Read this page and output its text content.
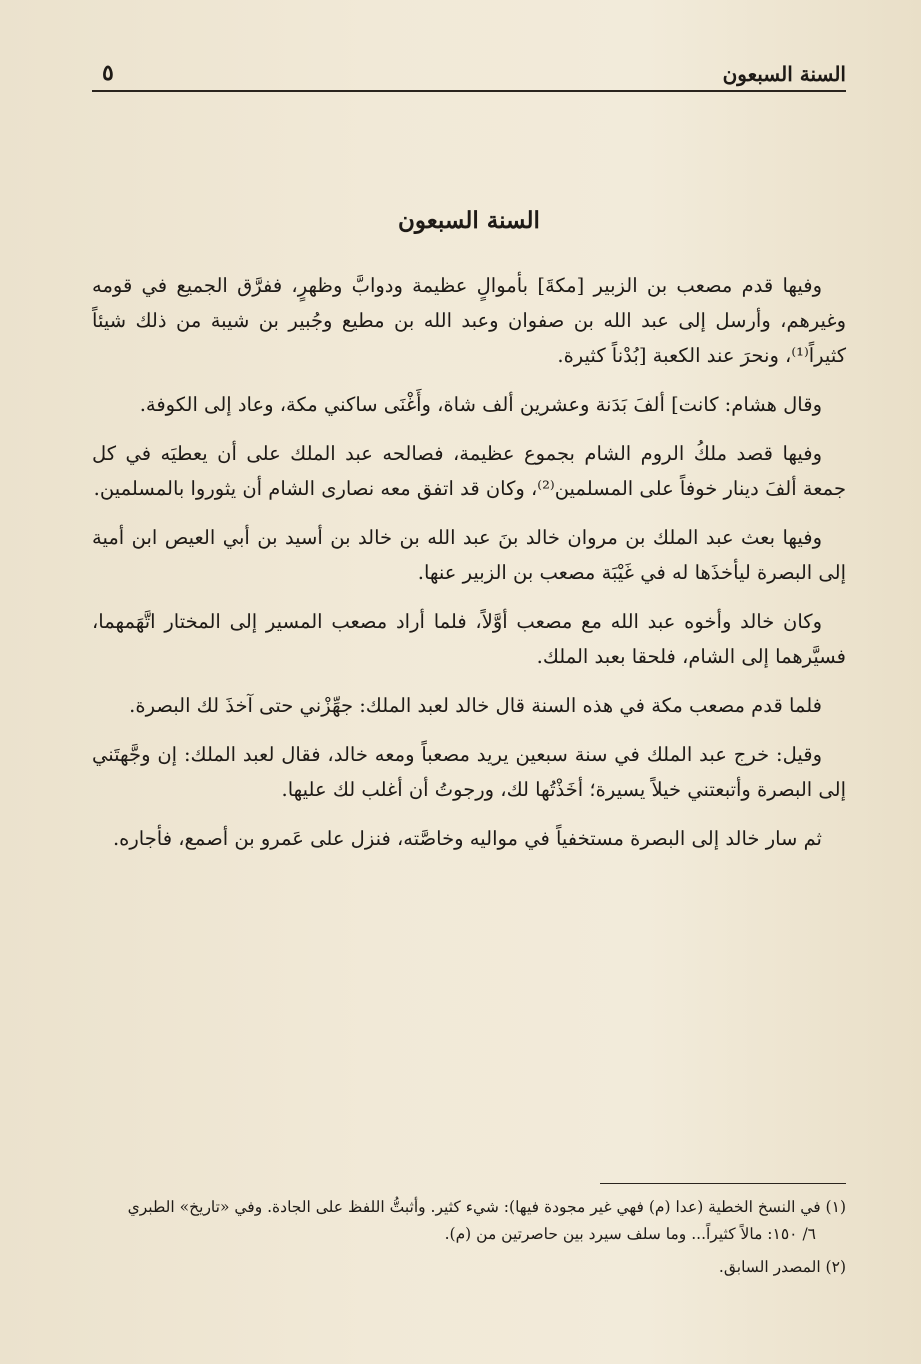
السنة السبعون
٥
السنة السبعون

وفيها قدم مصعب بن الزبير [مكةَ] بأموالٍ عظيمة ودوابَّ وظهرٍ، ففرَّق الجميع في قومه وغيرهم، وأرسل إلى عبد الله بن صفوان وعبد الله بن مطيع وجُبير بن شيبة من ذلك شيئاً كثيراً⁽¹⁾، ونحرَ عند الكعبة [بُدْناً كثيرة.

وقال هشام: كانت] ألفَ بَدَنة وعشرين ألف شاة، وأَغْنَى ساكني مكة، وعاد إلى الكوفة.

وفيها قصد ملكُ الروم الشام بجموع عظيمة، فصالحه عبد الملك على أن يعطيَه في كل جمعة ألفَ دينار خوفاً على المسلمين⁽²⁾، وكان قد اتفق معه نصارى الشام أن يثوروا بالمسلمين.

وفيها بعث عبد الملك بن مروان خالد بنَ عبد الله بن خالد بن أسيد بن أبي العيص ابن أمية إلى البصرة ليأخذَها له في غَيْبَة مصعب بن الزبير عنها.

وكان خالد وأخوه عبد الله مع مصعب أوَّلاً، فلما أراد مصعب المسير إلى المختار اتَّهَمهما، فسيَّرهما إلى الشام، فلحقا بعبد الملك.

فلما قدم مصعب مكة في هذه السنة قال خالد لعبد الملك: جهِّزْني حتى آخذَ لك البصرة.

وقيل: خرج عبد الملك في سنة سبعين يريد مصعباً ومعه خالد، فقال لعبد الملك: إن وجَّهتَني إلى البصرة وأتبعتني خيلاً يسيرة؛ أخَذْتُها لك، ورجوتُ أن أغلب لك عليها.

ثم سار خالد إلى البصرة مستخفياً في مواليه وخاصَّته، فنزل على عَمرو بن أصمع، فأجاره.

(١) في النسخ الخطية (عدا (م) فهي غير مجودة فيها): شيء كثير. وأثبتُّ اللفظ على الجادة. وفي «تاريخ» الطبري
٦/ ١٥٠: مالاً كثيراً... وما سلف سيرد بين حاصرتين من (م).
(٢) المصدر السابق.
